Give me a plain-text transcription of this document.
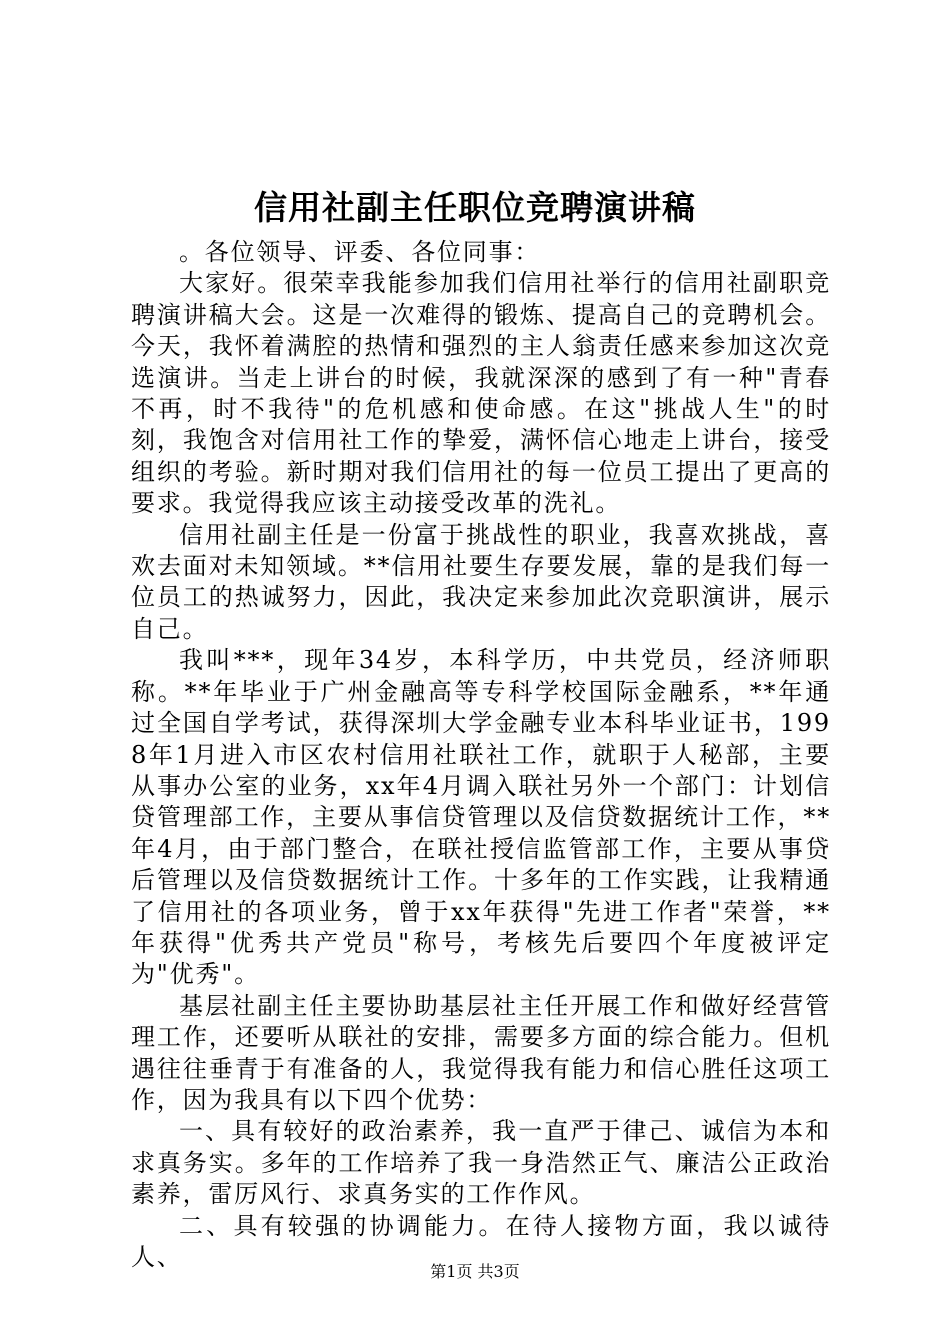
信用社副主任职位竞聘演讲稿

。各位领导、评委、各位同事：

大家好。很荣幸我能参加我们信用社举行的信用社副职竞聘演讲稿大会。这是一次难得的锻炼、提高自己的竞聘机会。今天，我怀着满腔的热情和强烈的主人翁责任感来参加这次竞选演讲。当走上讲台的时候，我就深深的感到了有一种"青春不再，时不我待"的危机感和使命感。在这"挑战人生"的时刻，我饱含对信用社工作的挚爱，满怀信心地走上讲台，接受组织的考验。新时期对我们信用社的每一位员工提出了更高的要求。我觉得我应该主动接受改革的洗礼。

信用社副主任是一份富于挑战性的职业，我喜欢挑战，喜欢去面对未知领域。**信用社要生存要发展，靠的是我们每一位员工的热诚努力，因此，我决定来参加此次竞职演讲，展示自己。

我叫***，现年34岁，本科学历，中共党员，经济师职称。**年毕业于广州金融高等专科学校国际金融系，**年通过全国自学考试，获得深圳大学金融专业本科毕业证书，1998年1月进入市区农村信用社联社工作，就职于人秘部，主要从事办公室的业务，xx年4月调入联社另外一个部门：计划信贷管理部工作，主要从事信贷管理以及信贷数据统计工作，**年4月，由于部门整合，在联社授信监管部工作，主要从事贷后管理以及信贷数据统计工作。十多年的工作实践，让我精通了信用社的各项业务，曾于xx年获得"先进工作者"荣誉，**年获得"优秀共产党员"称号，考核先后要四个年度被评定为"优秀"。

基层社副主任主要协助基层社主任开展工作和做好经营管理工作，还要听从联社的安排，需要多方面的综合能力。但机遇往往垂青于有准备的人，我觉得我有能力和信心胜任这项工作，因为我具有以下四个优势：

一、具有较好的政治素养，我一直严于律己、诚信为本和求真务实。多年的工作培养了我一身浩然正气、廉洁公正政治素养，雷厉风行、求真务实的工作作风。

二、具有较强的协调能力。在待人接物方面，我以诚待人、

第1页 共3页
